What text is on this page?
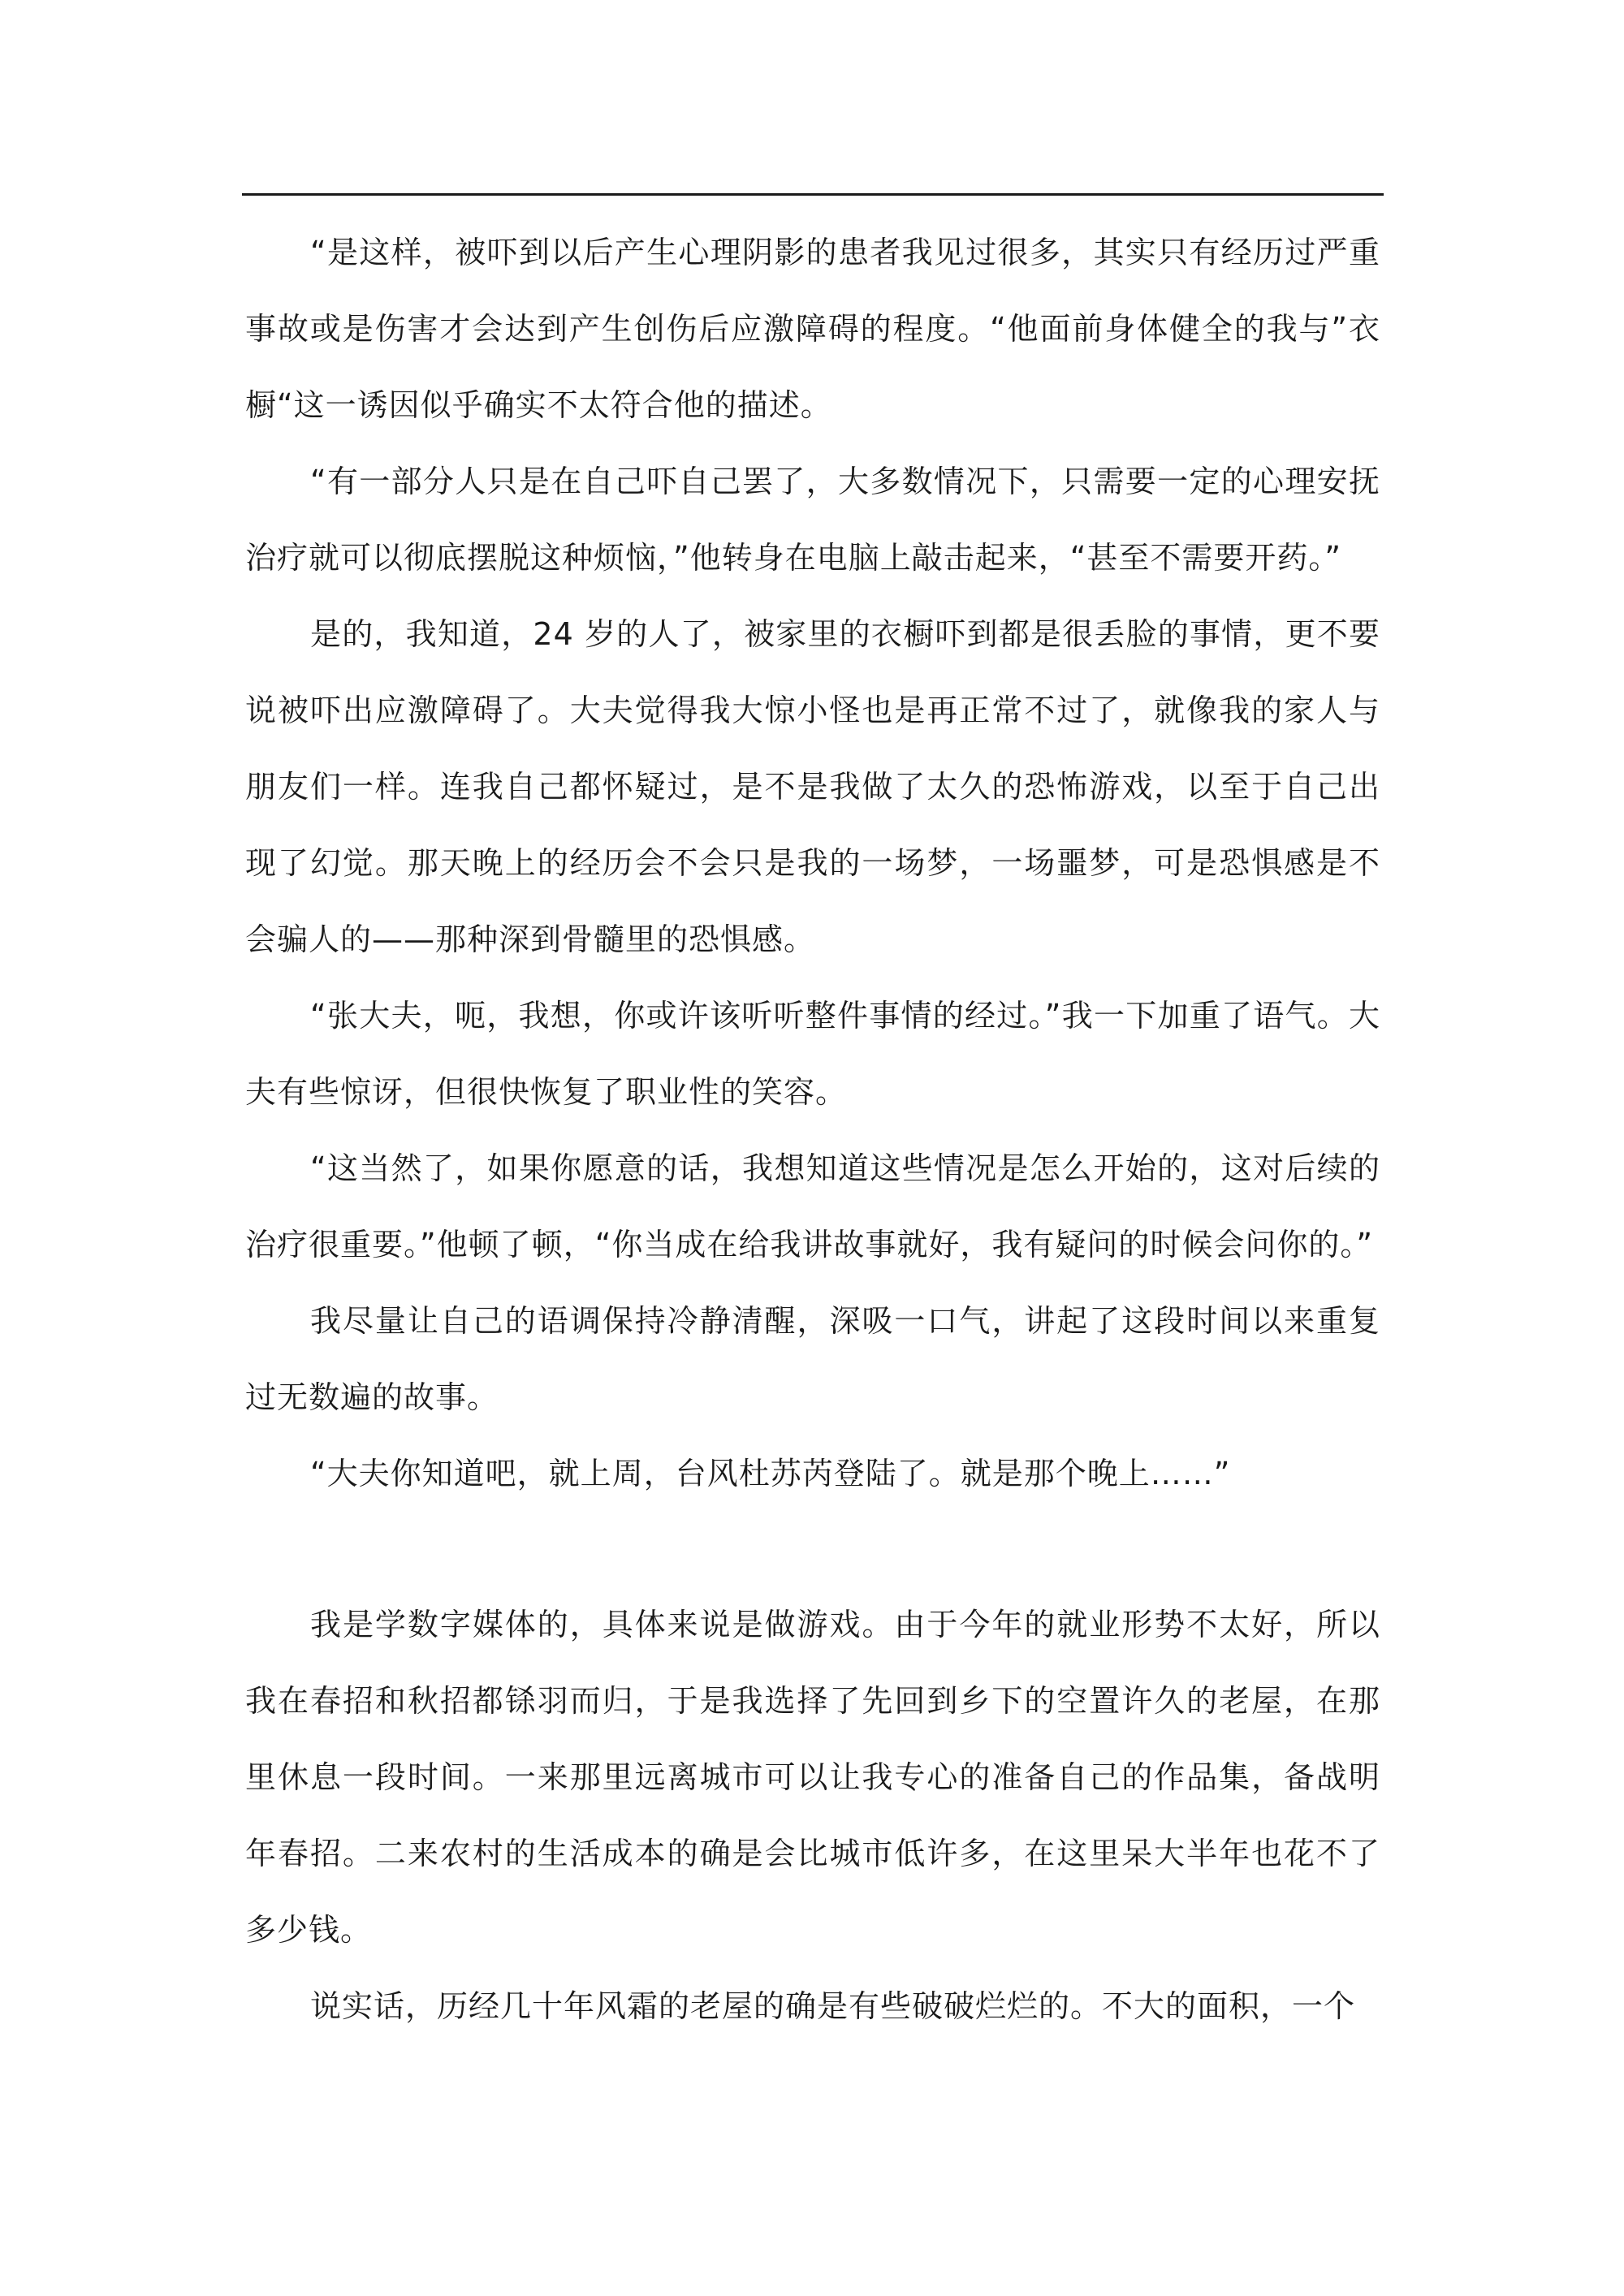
“是这样，被吓到以后产生心理阴影的患者我见过很多，其实只有经历过严重事故或是伤害才会达到产生创伤后应激障碍的程度。“他面前身体健全的我与”衣橱“这一诱因似乎确实不太符合他的描述。

“有一部分人只是在自己吓自己罢了，大多数情况下，只需要一定的心理安抚治疗就可以彻底摆脱这种烦恼，”他转身在电脑上敲击起来，“甚至不需要开药。”

是的，我知道，24 岁的人了，被家里的衣橱吓到都是很丢脸的事情，更不要说被吓出应激障碍了。大夫觉得我大惊小怪也是再正常不过了，就像我的家人与朋友们一样。连我自己都怀疑过，是不是我做了太久的恐怖游戏，以至于自己出现了幻觉。那天晚上的经历会不会只是我的一场梦，一场噩梦，可是恐惧感是不会骗人的——那种深到骨髓里的恐惧感。

“张大夫，呃，我想，你或许该听听整件事情的经过。”我一下加重了语气。大夫有些惊讶，但很快恢复了职业性的笑容。

“这当然了，如果你愿意的话，我想知道这些情况是怎么开始的，这对后续的治疗很重要。”他顿了顿，“你当成在给我讲故事就好，我有疑问的时候会问你的。”

我尽量让自己的语调保持冷静清醒，深吸一口气，讲起了这段时间以来重复过无数遍的故事。

“大夫你知道吧，就上周，台风杜苏芮登陆了。就是那个晚上……”

我是学数字媒体的，具体来说是做游戏。由于今年的就业形势不太好，所以我在春招和秋招都铩羽而归，于是我选择了先回到乡下的空置许久的老屋，在那里休息一段时间。一来那里远离城市可以让我专心的准备自己的作品集，备战明年春招。二来农村的生活成本的确是会比城市低许多，在这里呆大半年也花不了多少钱。

说实话，历经几十年风霜的老屋的确是有些破破烂烂的。不大的面积，一个
